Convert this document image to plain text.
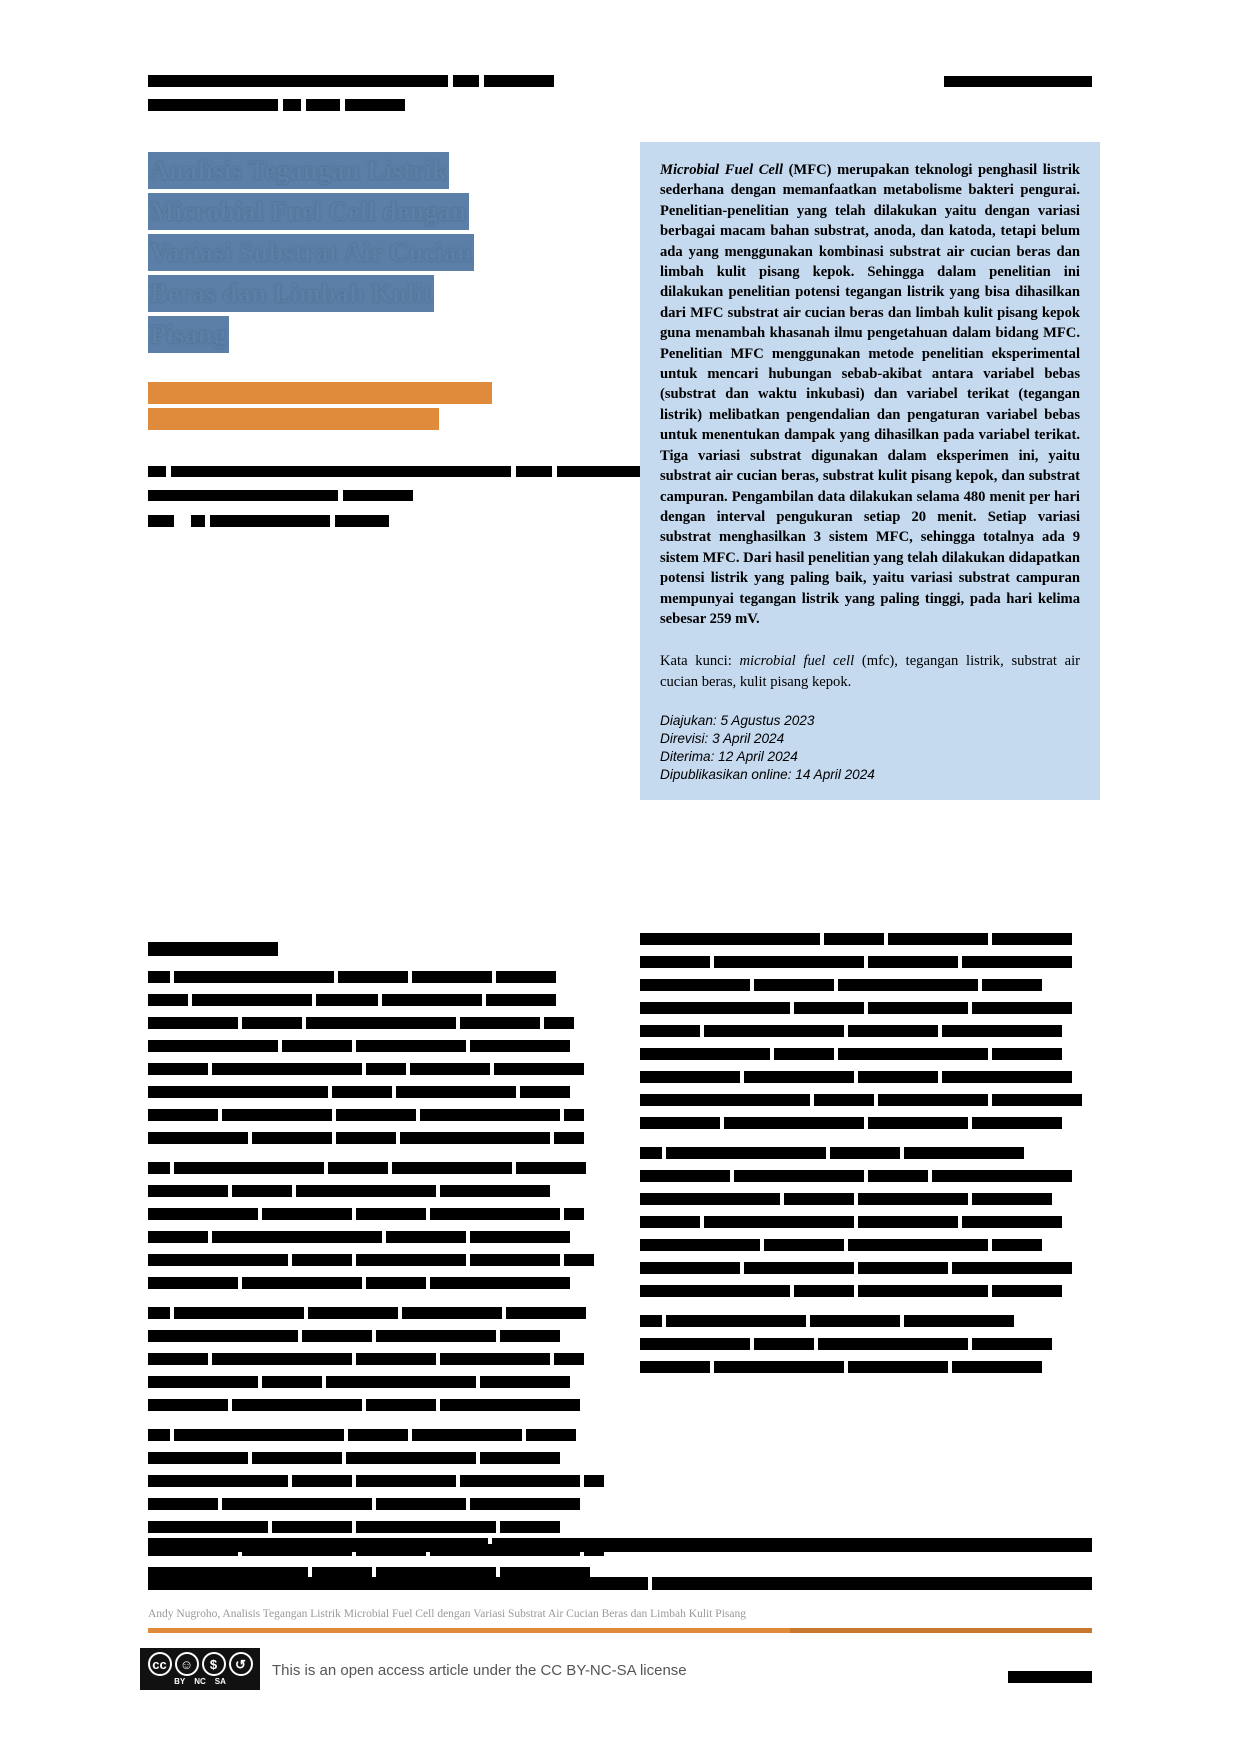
Analisis Tegangan Listrik
Microbial Fuel Cell dengan
Variasi Substrat Air Cucian
Beras dan Limbah Kulit
Pisang
Andy Nugroho¹, Aji Nikita², Fathur Nuri Arsyadi³
Asip Amrullah⁴, Gunawan Budi Cahyono⁵

Microbial Fuel Cell (MFC) merupakan teknologi penghasil listrik sederhana dengan memanfaatkan metabolisme bakteri pengurai. Penelitian-penelitian yang telah dilakukan yaitu dengan variasi berbagai macam bahan substrat, anoda, dan katoda, tetapi belum ada yang menggunakan kombinasi substrat air cucian beras dan limbah kulit pisang kepok. Sehingga dalam penelitian ini dilakukan penelitian potensi tegangan listrik yang bisa dihasilkan dari MFC substrat air cucian beras dan limbah kulit pisang kepok guna menambah khasanah ilmu pengetahuan dalam bidang MFC. Penelitian MFC menggunakan metode penelitian eksperimental untuk mencari hubungan sebab-akibat antara variabel bebas (substrat dan waktu inkubasi) dan variabel terikat (tegangan listrik) melibatkan pengendalian dan pengaturan variabel bebas untuk menentukan dampak yang dihasilkan pada variabel terikat. Tiga variasi substrat digunakan dalam eksperimen ini, yaitu substrat air cucian beras, substrat kulit pisang kepok, dan substrat campuran. Pengambilan data dilakukan selama 480 menit per hari dengan interval pengukuran setiap 20 menit. Setiap variasi substrat menghasilkan 3 sistem MFC, sehingga totalnya ada 9 sistem MFC. Dari hasil penelitian yang telah dilakukan didapatkan potensi listrik yang paling baik, yaitu variasi substrat campuran mempunyai tegangan listrik yang paling tinggi, pada hari kelima sebesar 259 mV.

Kata kunci: microbial fuel cell (mfc), tegangan listrik, substrat air cucian beras, kulit pisang kepok.

Diajukan: 5 Agustus 2023
Direvisi: 3 April 2024
Diterima: 12 April 2024
Dipublikasikan online: 14 April 2024
Andy Nugroho, Analisis Tegangan Listrik Microbial Fuel Cell dengan Variasi Substrat Air Cucian Beras dan Limbah Kulit Pisang
cc	☺	$	↺
BY NC SA
This is an open access article under the CC BY-NC-SA license
